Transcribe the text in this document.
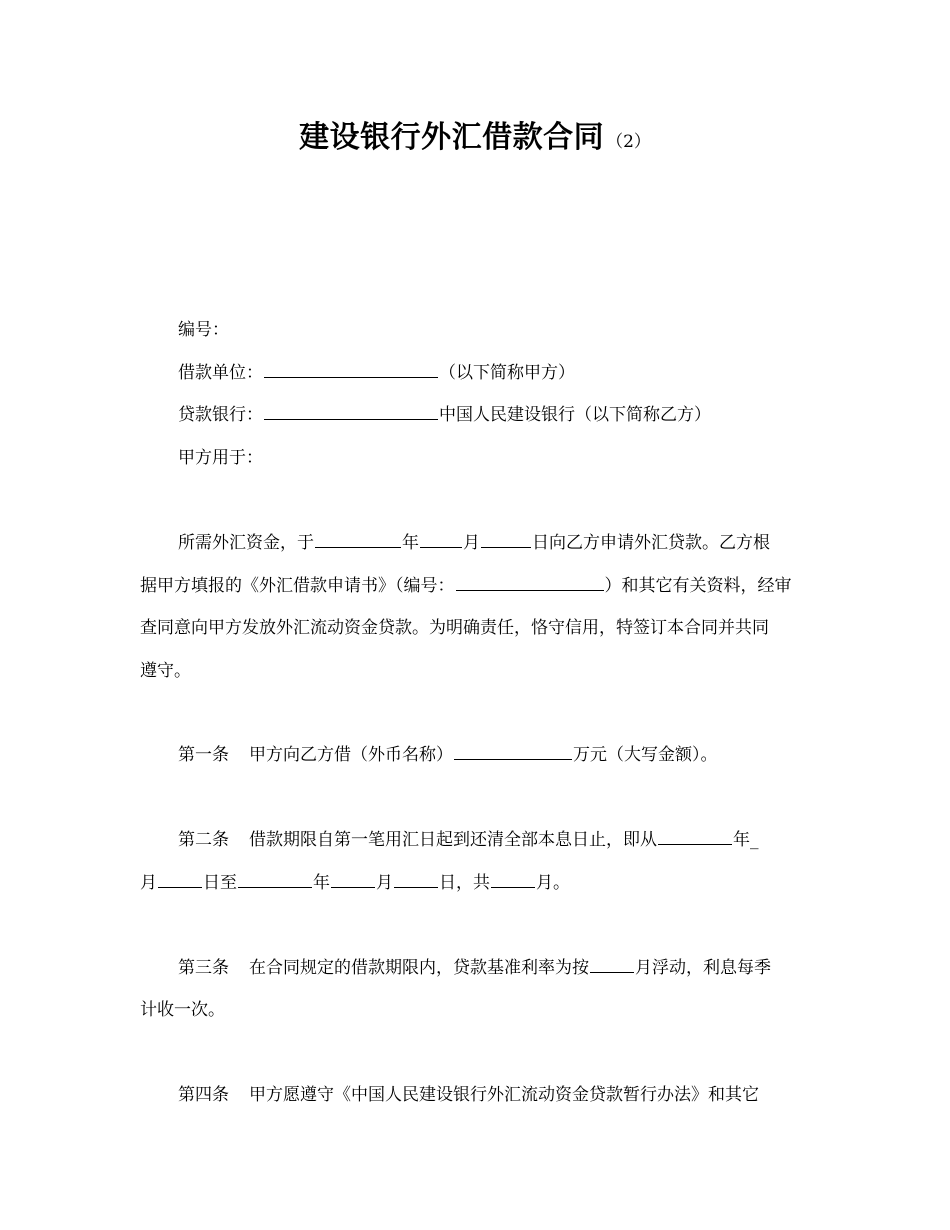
建设银行外汇借款合同 （2）
编号：
借款单位：	（以下简称甲方）
贷款银行：	中国人民建设银行（以下简称乙方）
甲方用于：
所需外汇资金，于	年	月	日向乙方申请外汇贷款。乙方根
据甲方填报的《外汇借款申请书》（编号：	）和其它有关资料，经审
查同意向甲方发放外汇流动资金贷款。为明确责任，恪守信用，特签订本合同并共同
遵守。
第一条 甲方向乙方借（外币名称）	万元（大写金额）。
第二条 借款期限自第一笔用汇日起到还清全部本息日止，即从	年_
月	日至	年	月	日，共	月。
第三条 在合同规定的借款期限内，贷款基准利率为按	月浮动，利息每季
计收一次。
第四条 甲方愿遵守《中国人民建设银行外汇流动资金贷款暂行办法》和其它
